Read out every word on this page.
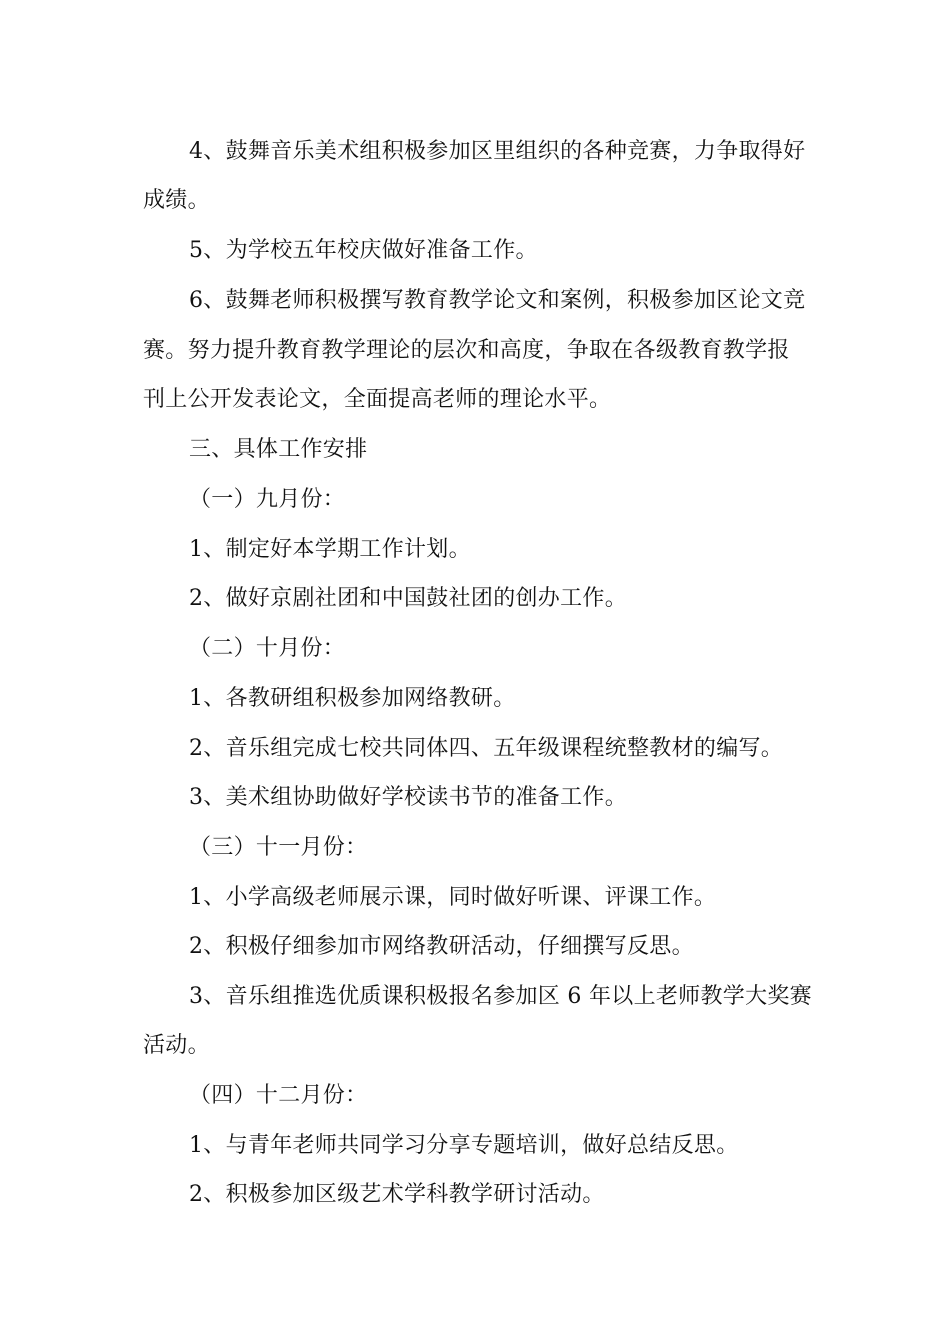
4、鼓舞音乐美术组积极参加区里组织的各种竞赛，力争取得好

成绩。

5、为学校五年校庆做好准备工作。

6、鼓舞老师积极撰写教育教学论文和案例，积极参加区论文竞

赛。努力提升教育教学理论的层次和高度，争取在各级教育教学报

刊上公开发表论文，全面提高老师的理论水平。

三、具体工作安排

（一）九月份：

1、制定好本学期工作计划。

2、做好京剧社团和中国鼓社团的创办工作。

（二）十月份：

1、各教研组积极参加网络教研。

2、音乐组完成七校共同体四、五年级课程统整教材的编写。

3、美术组协助做好学校读书节的准备工作。

（三）十一月份：

1、小学高级老师展示课，同时做好听课、评课工作。

2、积极仔细参加市网络教研活动，仔细撰写反思。

3、音乐组推选优质课积极报名参加区 6 年以上老师教学大奖赛

活动。

（四）十二月份：

1、与青年老师共同学习分享专题培训，做好总结反思。

2、积极参加区级艺术学科教学研讨活动。
